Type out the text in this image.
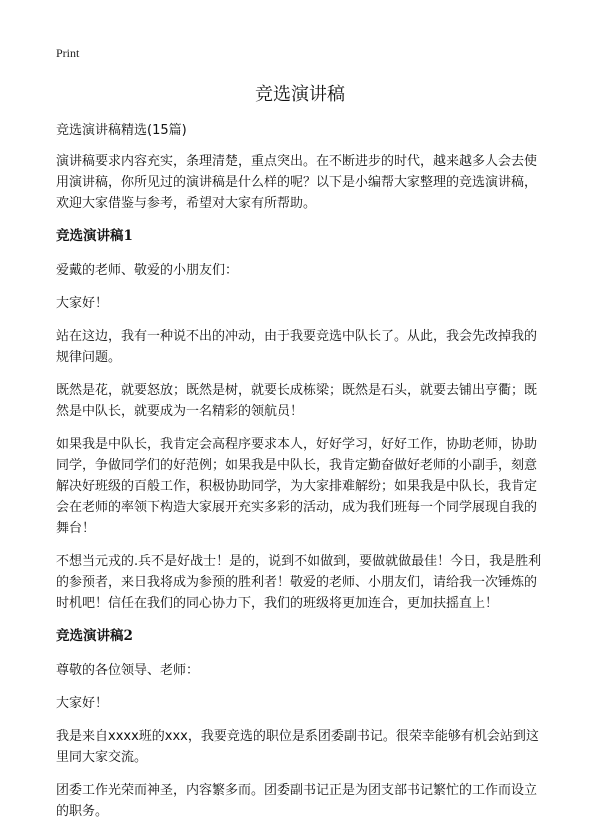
Print
竞选演讲稿

竞选演讲稿精选(15篇)

演讲稿要求内容充实，条理清楚，重点突出。在不断进步的时代，越来越多人会去使用演讲稿，你所见过的演讲稿是什么样的呢？以下是小编帮大家整理的竞选演讲稿，欢迎大家借鉴与参考，希望对大家有所帮助。

竞选演讲稿1

爱戴的老师、敬爱的小朋友们：

大家好！

站在这边，我有一种说不出的冲动，由于我要竞选中队长了。从此，我会先改掉我的规律问题。

既然是花，就要怒放；既然是树，就要长成栋梁；既然是石头，就要去铺出亨衢；既然是中队长，就要成为一名精彩的领航员！

如果我是中队长，我肯定会高程序要求本人，好好学习，好好工作，协助老师，协助同学，争做同学们的好范例；如果我是中队长，我肯定勤奋做好老师的小副手，刻意解决好班级的百般工作，积极协助同学，为大家排难解纷；如果我是中队长，我肯定会在老师的率领下构造大家展开充实多彩的活动，成为我们班每一个同学展现自我的舞台！

不想当元戎的.兵不是好战士！是的，说到不如做到，要做就做最佳！今日，我是胜利的参预者，来日我将成为参预的胜利者！敬爱的老师、小朋友们，请给我一次锤炼的时机吧！信任在我们的同心协力下，我们的班级将更加连合，更加扶摇直上！

竞选演讲稿2

尊敬的各位领导、老师：

大家好！

我是来自xxxx班的xxx，我要竞选的职位是系团委副书记。很荣幸能够有机会站到这里同大家交流。

团委工作光荣而神圣，内容繁多而。团委副书记正是为团支部书记繁忙的工作而设立的职务。
